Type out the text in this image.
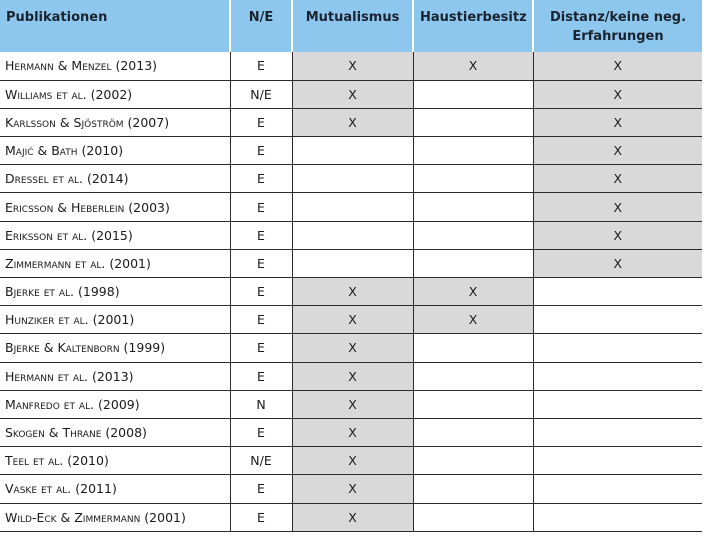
Publikationen	N/E	Mutualismus	Haustierbesitz	Distanz/keine neg. Erfahrungen
Hermann & Menzel (2013)	E	X	X	X
Williams et al. (2002)	N/E	X		X
Karlsson & Sjöström (2007)	E	X		X
Majić & Bath (2010)	E			X
Dressel et al. (2014)	E			X
Ericsson & Heberlein (2003)	E			X
Eriksson et al. (2015)	E			X
Zimmermann et al. (2001)	E			X
Bjerke et al. (1998)	E	X	X	
Hunziker et al. (2001)	E	X	X	
Bjerke & Kaltenborn (1999)	E	X		
Hermann et al. (2013)	E	X		
Manfredo et al. (2009)	N	X		
Skogen & Thrane (2008)	E	X		
Teel et al. (2010)	N/E	X		
Vaske et al. (2011)	E	X		
Wild-Eck & Zimmermann (2001)	E	X		
